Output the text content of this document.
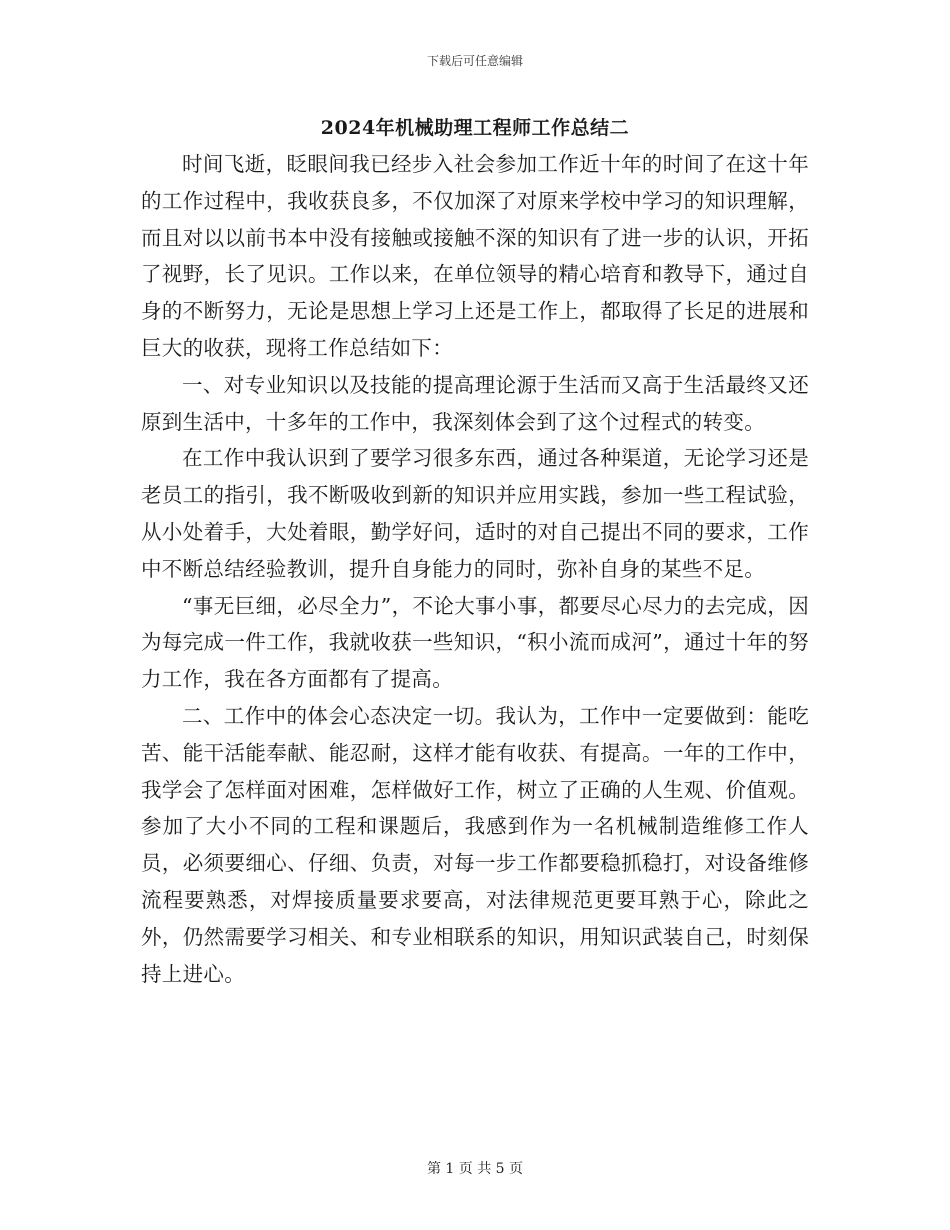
下载后可任意编辑
2024年机械助理工程师工作总结二

时间飞逝，眨眼间我已经步入社会参加工作近十年的时间了在这十年的工作过程中，我收获良多，不仅加深了对原来学校中学习的知识理解，而且对以以前书本中没有接触或接触不深的知识有了进一步的认识，开拓了视野，长了见识。工作以来，在单位领导的精心培育和教导下，通过自身的不断努力，无论是思想上学习上还是工作上，都取得了长足的进展和巨大的收获，现将工作总结如下：

一、对专业知识以及技能的提高理论源于生活而又高于生活最终又还原到生活中，十多年的工作中，我深刻体会到了这个过程式的转变。

在工作中我认识到了要学习很多东西，通过各种渠道，无论学习还是老员工的指引，我不断吸收到新的知识并应用实践，参加一些工程试验，从小处着手，大处着眼，勤学好问，适时的对自己提出不同的要求，工作中不断总结经验教训，提升自身能力的同时，弥补自身的某些不足。

“事无巨细，必尽全力”，不论大事小事，都要尽心尽力的去完成，因为每完成一件工作，我就收获一些知识，“积小流而成河”，通过十年的努力工作，我在各方面都有了提高。

二、工作中的体会心态决定一切。我认为，工作中一定要做到：能吃苦、能干活能奉献、能忍耐，这样才能有收获、有提高。一年的工作中，我学会了怎样面对困难，怎样做好工作，树立了正确的人生观、价值观。参加了大小不同的工程和课题后，我感到作为一名机械制造维修工作人员，必须要细心、仔细、负责，对每一步工作都要稳抓稳打，对设备维修流程要熟悉，对焊接质量要求要高，对法律规范更要耳熟于心，除此之外，仍然需要学习相关、和专业相联系的知识，用知识武装自己，时刻保持上进心。

第 1 页 共 5 页
